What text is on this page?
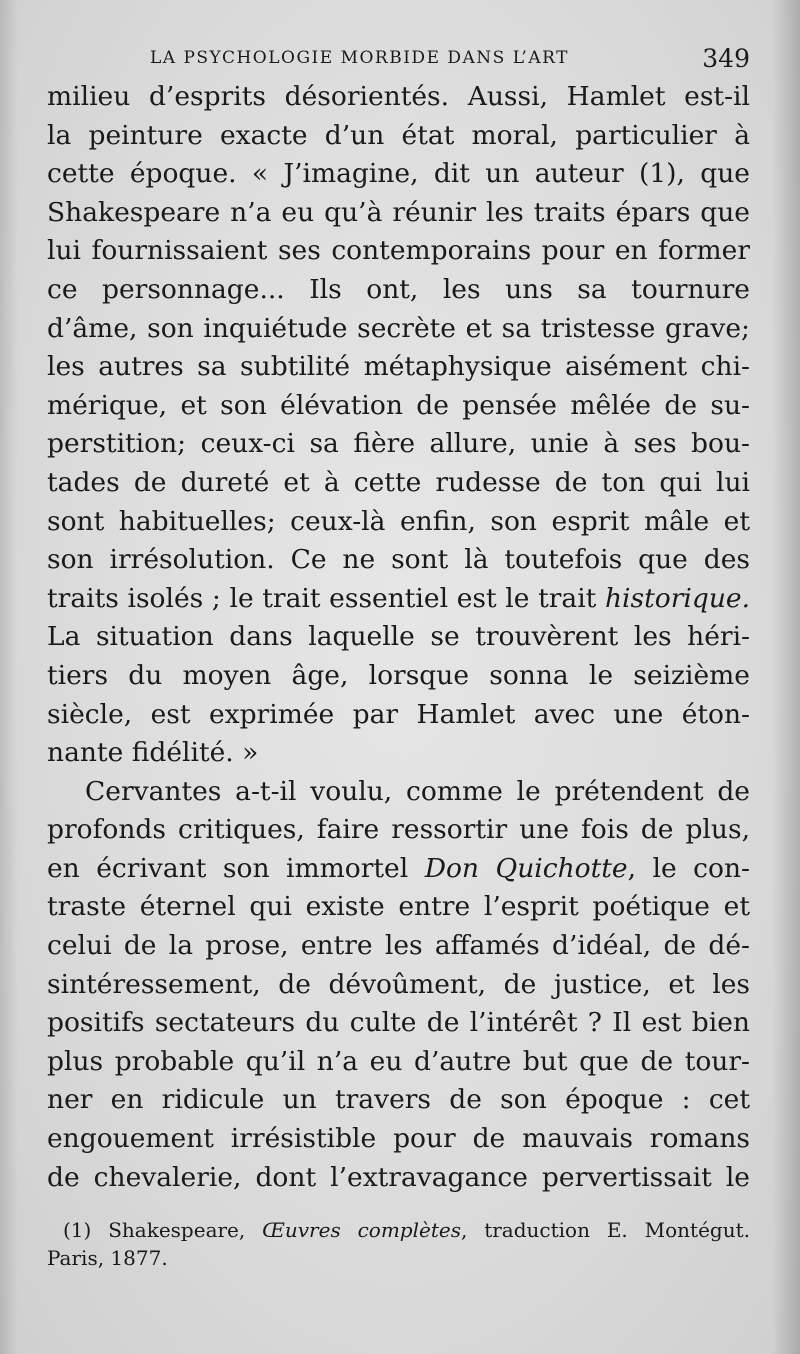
LA PSYCHOLOGIE MORBIDE DANS L’ART	349
milieu d’esprits désorientés. Aussi, Hamlet est-il
la peinture exacte d’un état moral, particulier à
cette époque. « J’imagine, dit un auteur (1), que
Shakespeare n’a eu qu’à réunir les traits épars que
lui fournissaient ses contemporains pour en former
ce personnage... Ils ont, les uns sa tournure
d’âme, son inquiétude secrète et sa tristesse grave;
les autres sa subtilité métaphysique aisément chi-
mérique, et son élévation de pensée mêlée de su-
perstition; ceux-ci sa fière allure, unie à ses bou-
tades de dureté et à cette rudesse de ton qui lui
sont habituelles; ceux-là enfin, son esprit mâle et
son irrésolution. Ce ne sont là toutefois que des
traits isolés ; le trait essentiel est le trait historique.
La situation dans laquelle se trouvèrent les héri-
tiers du moyen âge, lorsque sonna le seizième
siècle, est exprimée par Hamlet avec une éton-
nante fidélité. »
Cervantes a-t-il voulu, comme le prétendent de
profonds critiques, faire ressortir une fois de plus,
en écrivant son immortel Don Quichotte, le con-
traste éternel qui existe entre l’esprit poétique et
celui de la prose, entre les affamés d’idéal, de dé-
sintéressement, de dévoûment, de justice, et les
positifs sectateurs du culte de l’intérêt ? Il est bien
plus probable qu’il n’a eu d’autre but que de tour-
ner en ridicule un travers de son époque : cet
engouement irrésistible pour de mauvais romans
de chevalerie, dont l’extravagance pervertissait le
(1) Shakespeare, Œuvres complètes, traduction E. Montégut.
Paris, 1877.
